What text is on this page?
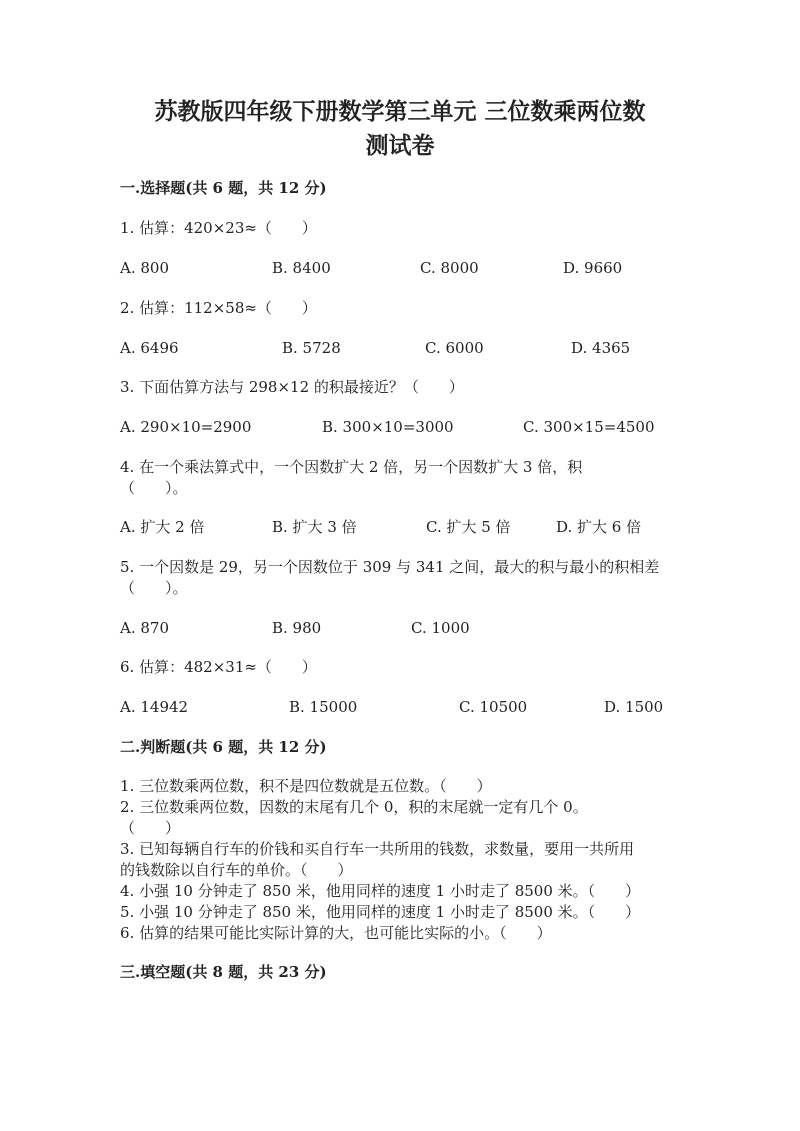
苏教版四年级下册数学第三单元 三位数乘两位数
测试卷
一.选择题(共 6 题，共 12 分)
1. 估算：420×23≈（　　）
A. 800	B. 8400	C. 8000	D. 9660
2. 估算：112×58≈（　　）
A. 6496	B. 5728	C. 6000	D. 4365
3. 下面估算方法与 298×12 的积最接近？（　　）
A. 290×10=2900	B. 300×10=3000	C. 300×15=4500
4. 在一个乘法算式中，一个因数扩大 2 倍，另一个因数扩大 3 倍，积
（　　）。
A. 扩大 2 倍	B. 扩大 3 倍	C. 扩大 5 倍	D. 扩大 6 倍
5. 一个因数是 29，另一个因数位于 309 与 341 之间，最大的积与最小的积相差
（　　）。
A. 870	B. 980	C. 1000
6. 估算：482×31≈（　　）
A. 14942	B. 15000	C. 10500	D. 1500
二.判断题(共 6 题，共 12 分)
1. 三位数乘两位数，积不是四位数就是五位数。（　　）
2. 三位数乘两位数，因数的末尾有几个 0，积的末尾就一定有几个 0。
（　　）
3. 已知每辆自行车的价钱和买自行车一共所用的钱数，求数量，要用一共所用
的钱数除以自行车的单价。（　　）
4. 小强 10 分钟走了 850 米，他用同样的速度 1 小时走了 8500 米。（　　）
5. 小强 10 分钟走了 850 米，他用同样的速度 1 小时走了 8500 米。（　　）
6. 估算的结果可能比实际计算的大，也可能比实际的小。（　　）
三.填空题(共 8 题，共 23 分)
